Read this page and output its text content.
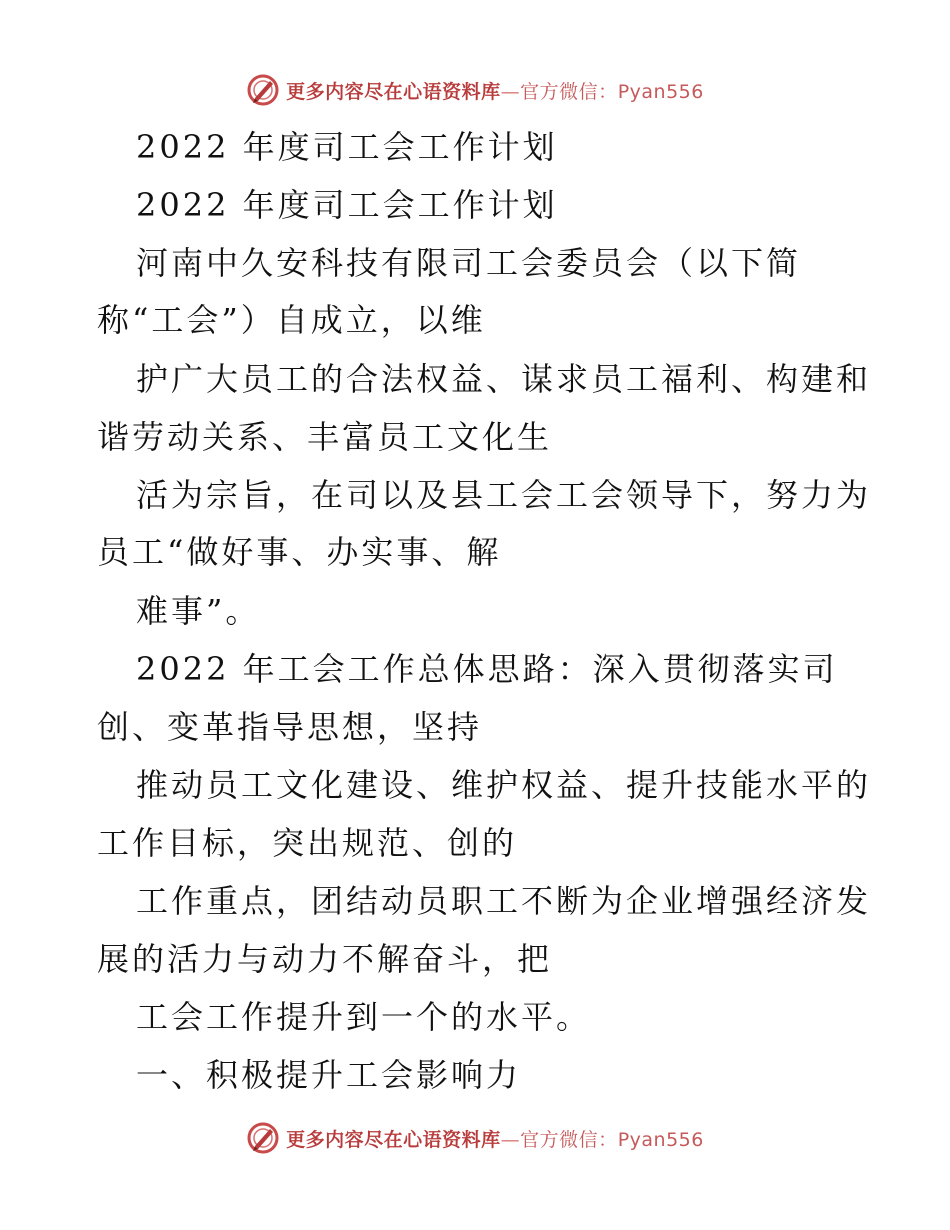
更多内容尽在心语资料库—官方微信：Pyan556
2022 年度司工会工作计划
2022 年度司工会工作计划
河南中久安科技有限司工会委员会（以下简
称“工会”）自成立，以维
护广大员工的合法权益、谋求员工福利、构建和
谐劳动关系、丰富员工文化生
活为宗旨，在司以及县工会工会领导下，努力为
员工“做好事、办实事、解
难事”。
2022 年工会工作总体思路：深入贯彻落实司
创、变革指导思想，坚持
推动员工文化建设、维护权益、提升技能水平的
工作目标，突出规范、创的
工作重点，团结动员职工不断为企业增强经济发
展的活力与动力不解奋斗，把
工会工作提升到一个的水平。
一、积极提升工会影响力
更多内容尽在心语资料库—官方微信：Pyan556
